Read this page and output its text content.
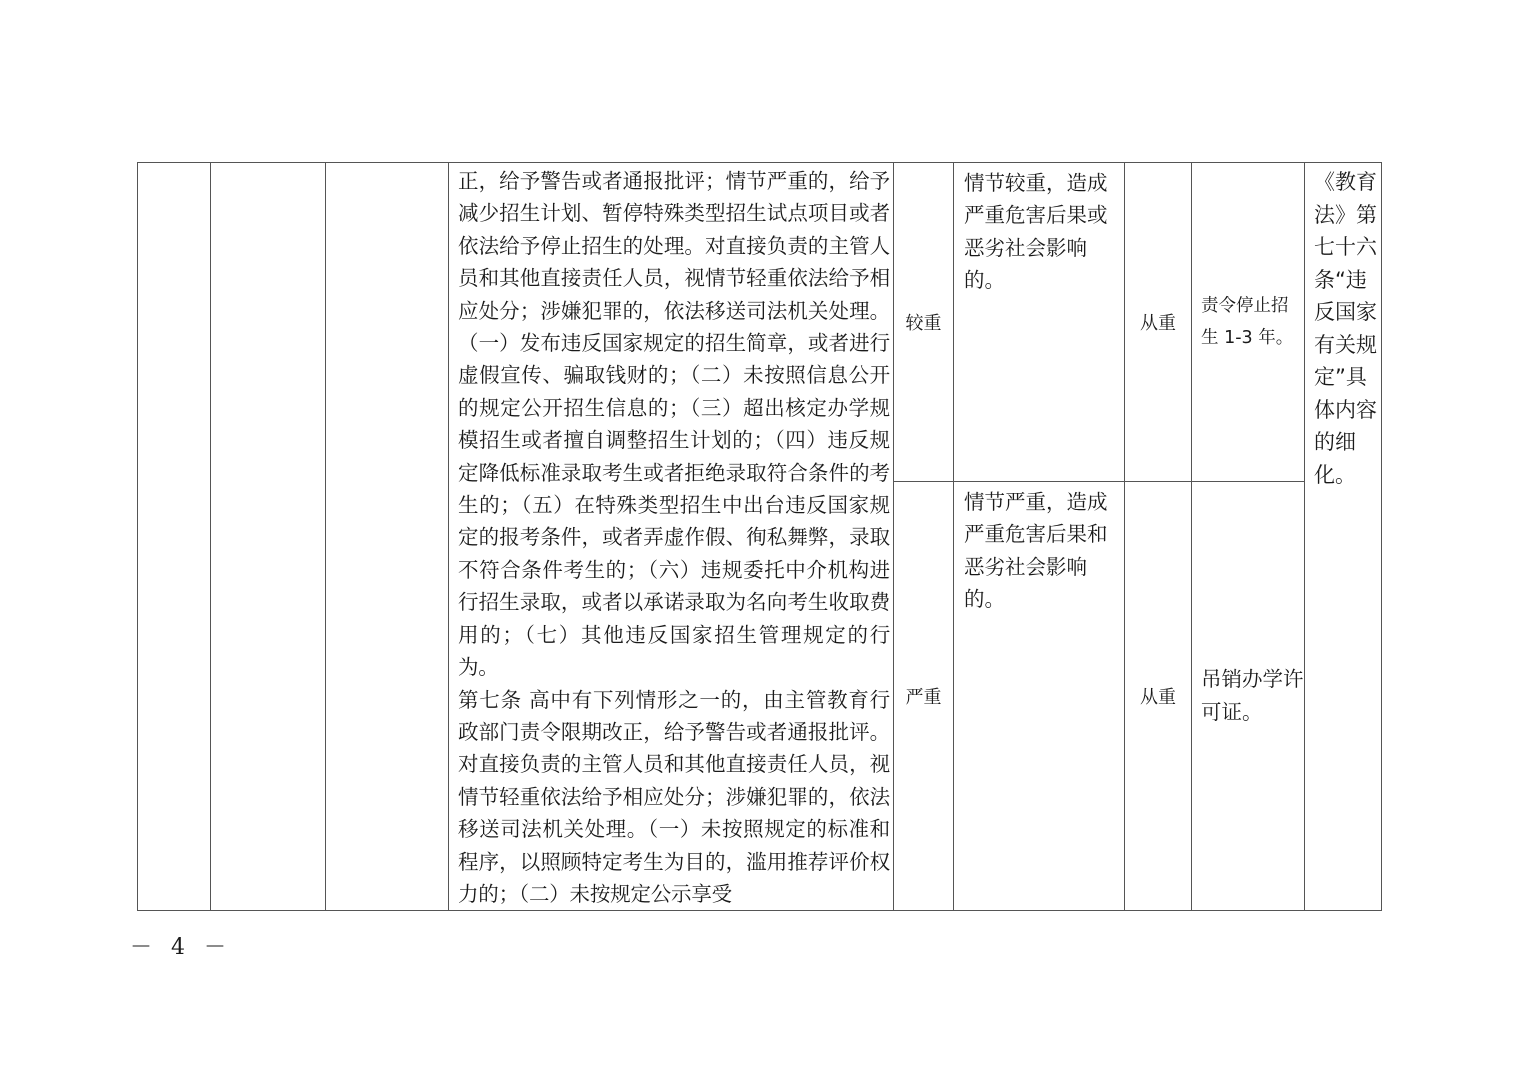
正，给予警告或者通报批评；情节严重的，给予减少招生计划、暂停特殊类型招生试点项目或者依法给予停止招生的处理。对直接负责的主管人员和其他直接责任人员，视情节轻重依法给予相应处分；涉嫌犯罪的，依法移送司法机关处理。（一）发布违反国家规定的招生简章，或者进行虚假宣传、骗取钱财的；（二）未按照信息公开的规定公开招生信息的；（三）超出核定办学规模招生或者擅自调整招生计划的；（四）违反规定降低标准录取考生或者拒绝录取符合条件的考生的；（五）在特殊类型招生中出台违反国家规定的报考条件，或者弄虚作假、徇私舞弊，录取不符合条件考生的；（六）违规委托中介机构进行招生录取，或者以承诺录取为名向考生收取费用的；（七）其他违反国家招生管理规定的行为。

第七条 高中有下列情形之一的，由主管教育行政部门责令限期改正，给予警告或者通报批评。对直接负责的主管人员和其他直接责任人员，视情节轻重依法给予相应处分；涉嫌犯罪的，依法移送司法机关处理。（一）未按照规定的标准和程序，以照顾特定考生为目的，滥用推荐评价权力的；（二）未按规定公示享受

较重
情节较重，造成严重危害后果或恶劣社会影响的。
从重
责令停止招生 1-3 年。
严重
情节严重，造成严重危害后果和恶劣社会影响的。
从重
吊销办学许可证。
《教育法》第七十六条“违反国家有关规定”具体内容的细化。
－ 4 －
